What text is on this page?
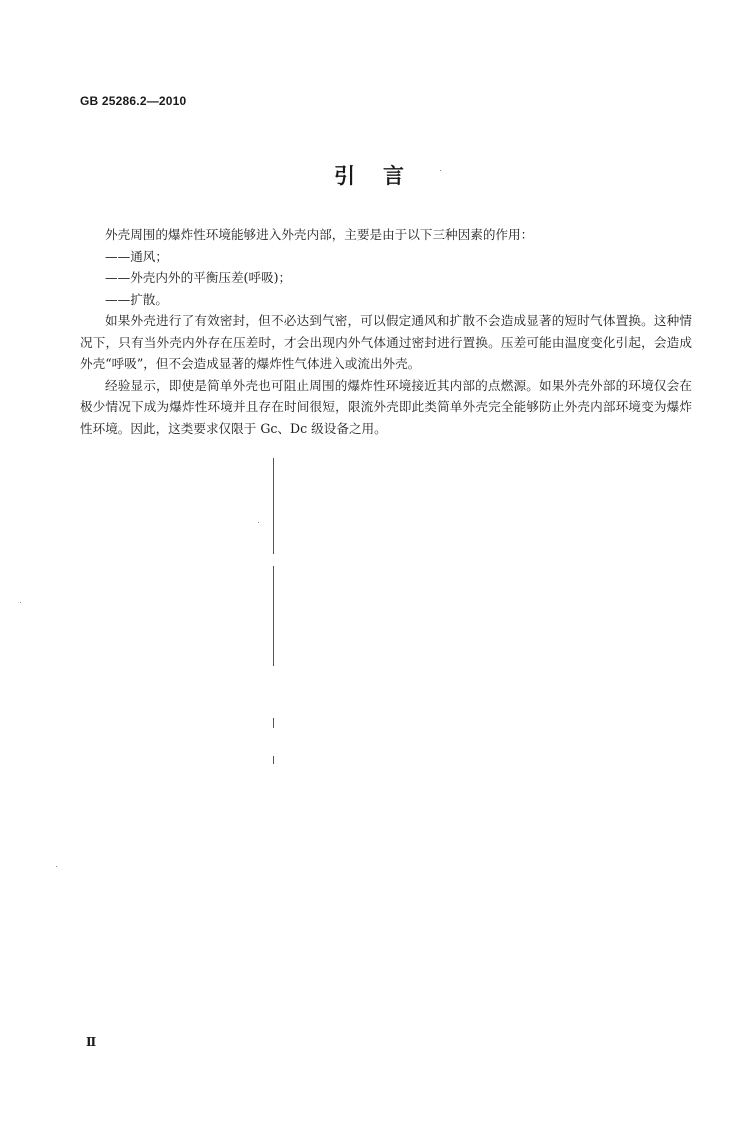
GB 25286.2—2010
引言

外壳周围的爆炸性环境能够进入外壳内部，主要是由于以下三种因素的作用：

——通风；

——外壳内外的平衡压差(呼吸)；

——扩散。

如果外壳进行了有效密封，但不必达到气密，可以假定通风和扩散不会造成显著的短时气体置换。这种情况下，只有当外壳内外存在压差时，才会出现内外气体通过密封进行置换。压差可能由温度变化引起，会造成外壳“呼吸”，但不会造成显著的爆炸性气体进入或流出外壳。

经验显示，即使是简单外壳也可阻止周围的爆炸性环境接近其内部的点燃源。如果外壳外部的环境仅会在极少情况下成为爆炸性环境并且存在时间很短，限流外壳即此类简单外壳完全能够防止外壳内部环境变为爆炸性环境。因此，这类要求仅限于 Gc、Dc 级设备之用。

Ⅱ
